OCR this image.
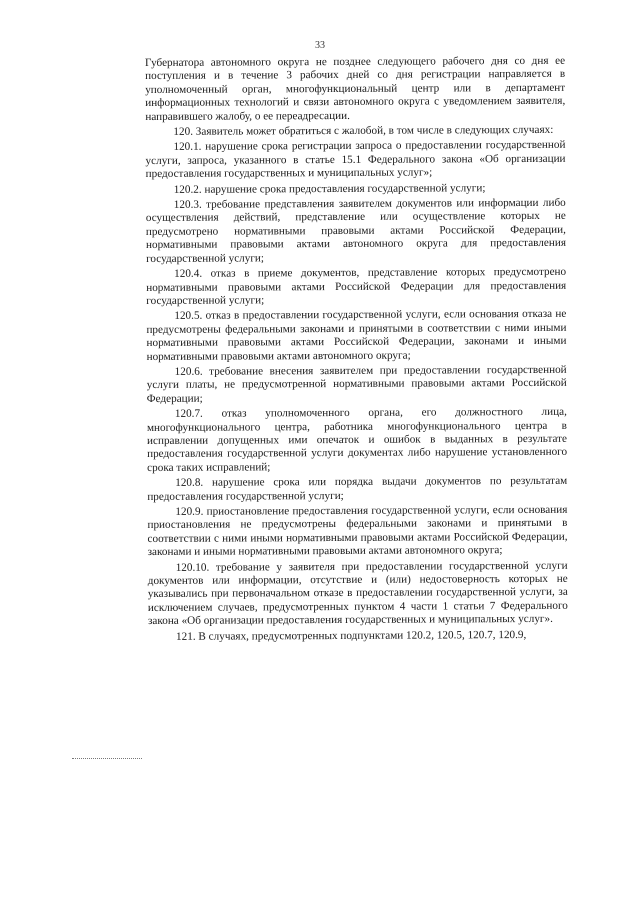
33

Губернатора автономного округа не позднее следующего рабочего дня со дня ее поступления и в течение 3 рабочих дней со дня регистрации направляется в уполномоченный орган, многофункциональный центр или в департамент информационных технологий и связи автономного округа с уведомлением заявителя, направившего жалобу, о ее переадресации.

120. Заявитель может обратиться с жалобой, в том числе в следующих случаях:

120.1. нарушение срока регистрации запроса о предоставлении государственной услуги, запроса, указанного в статье 15.1 Федерального закона «Об организации предоставления государственных и муниципальных услуг»;

120.2. нарушение срока предоставления государственной услуги;

120.3. требование представления заявителем документов или информации либо осуществления действий, представление или осуществление которых не предусмотрено нормативными правовыми актами Российской Федерации, нормативными правовыми актами автономного округа для предоставления государственной услуги;

120.4. отказ в приеме документов, представление которых предусмотрено нормативными правовыми актами Российской Федерации для предоставления государственной услуги;

120.5. отказ в предоставлении государственной услуги, если основания отказа не предусмотрены федеральными законами и принятыми в соответствии с ними иными нормативными правовыми актами Российской Федерации, законами и иными нормативными правовыми актами автономного округа;

120.6. требование внесения заявителем при предоставлении государственной услуги платы, не предусмотренной нормативными правовыми актами Российской Федерации;

120.7. отказ уполномоченного органа, его должностного лица, многофункционального центра, работника многофункционального центра в исправлении допущенных ими опечаток и ошибок в выданных в результате предоставления государственной услуги документах либо нарушение установленного срока таких исправлений;

120.8. нарушение срока или порядка выдачи документов по результатам предоставления государственной услуги;

120.9. приостановление предоставления государственной услуги, если основания приостановления не предусмотрены федеральными законами и принятыми в соответствии с ними иными нормативными правовыми актами Российской Федерации, законами и иными нормативными правовыми актами автономного округа;

120.10. требование у заявителя при предоставлении государственной услуги документов или информации, отсутствие и (или) недостоверность которых не указывались при первоначальном отказе в предоставлении государственной услуги, за исключением случаев, предусмотренных пунктом 4 части 1 статьи 7 Федерального закона «Об организации предоставления государственных и муниципальных услуг».

121. В случаях, предусмотренных подпунктами 120.2, 120.5, 120.7, 120.9,
